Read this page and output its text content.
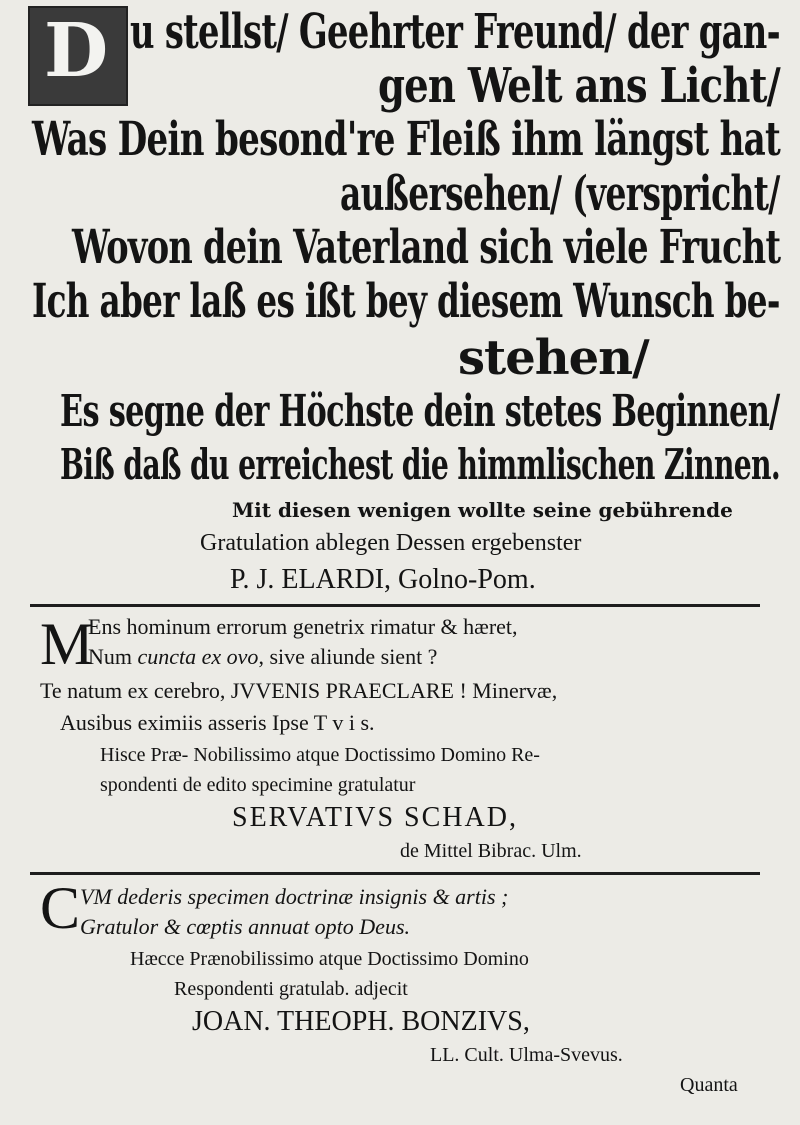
D u stellst/ Geehrter Freund/ der gan-
gen Welt ans Licht/
Was Dein besond're Fleiß ihm längst hat
außersehen/ (verspricht/
Wovon dein Vaterland sich viele Frucht
Ich aber laß es ißt bey diesem Wunsch be-
stehen/
Es segne der Höchste dein stetes Beginnen/
Biß daß du erreichest die himmlischen Zinnen.
Mit diesen wenigen wollte seine gebührende
Gratulation ablegen Dessen ergebenster
P. J. ELARDI, Golno-Pom.
M
Ens hominum errorum genetrix rimatur & hæret,
Num cuncta ex ovo, sive aliunde sient ?
Te natum ex cerebro, JVVENIS PRAECLARE ! Minervæ,
Ausibus eximiis asseris Ipse T v i s.
Hisce Præ- Nobilissimo atque Doctissimo Domino Re-
spondenti de edito specimine gratulatur
SERVATIVS SCHAD,
de Mittel Bibrac. Ulm.
C VM dederis specimen doctrinæ insignis & artis ;
Gratulor & cœptis annuat opto Deus.
Hæcce Prænobilissimo atque Doctissimo Domino
Respondenti gratulab. adjecit
JOAN. THEOPH. BONZIVS,
LL. Cult. Ulma-Svevus.
Quanta
